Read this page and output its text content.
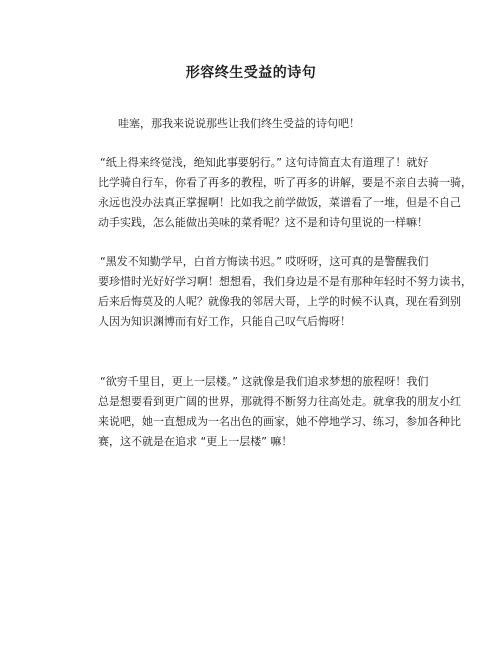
形容终生受益的诗句
哇塞，那我来说说那些让我们终生受益的诗句吧！
“纸上得来终觉浅，绝知此事要躬行。” 这句诗简直太有道理了！就好
比学骑自行车，你看了再多的教程，听了再多的讲解，要是不亲自去骑一骑，
永远也没办法真正掌握啊！比如我之前学做饭，菜谱看了一堆，但是不自己
动手实践，怎么能做出美味的菜肴呢？这不是和诗句里说的一样嘛！
“黑发不知勤学早，白首方悔读书迟。” 哎呀呀，这可真的是警醒我们
要珍惜时光好好学习啊！想想看，我们身边是不是有那种年轻时不努力读书，
后来后悔莫及的人呢？就像我的邻居大哥，上学的时候不认真，现在看到别
人因为知识渊博而有好工作，只能自己叹气后悔呀！
“欲穷千里目，更上一层楼。” 这就像是我们追求梦想的旅程呀！我们
总是想要看到更广阔的世界，那就得不断努力往高处走。就拿我的朋友小红
来说吧，她一直想成为一名出色的画家，她不停地学习、练习，参加各种比
赛，这不就是在追求 “更上一层楼” 嘛！
